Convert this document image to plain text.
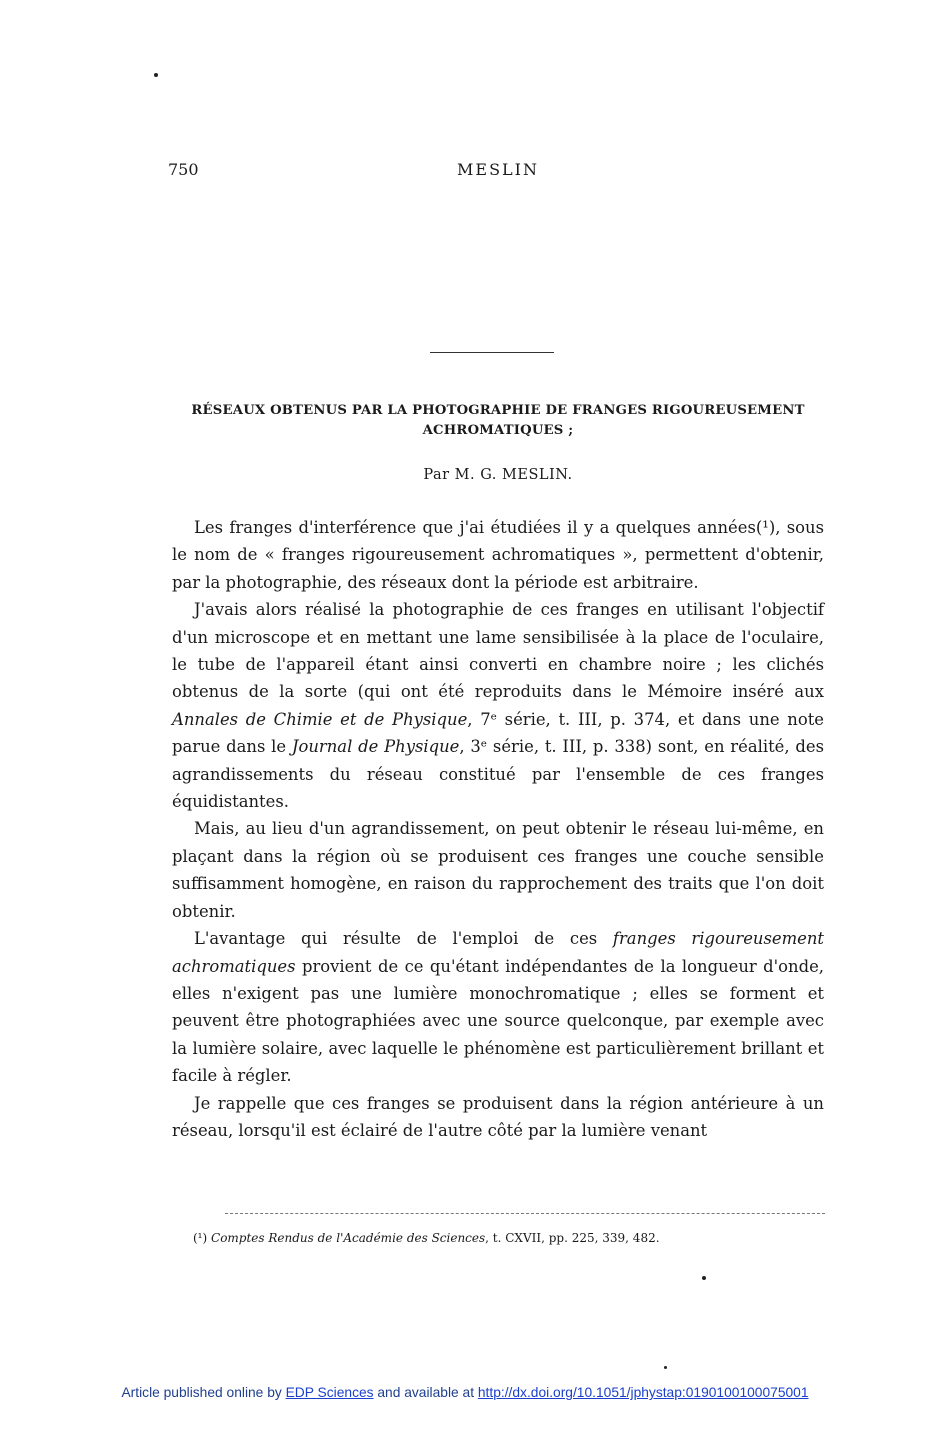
750	MESLIN
RÉSEAUX OBTENUS PAR LA PHOTOGRAPHIE DE FRANGES RIGOUREUSEMENT
ACHROMATIQUES ;
Par M. G. MESLIN.

Les franges d'interférence que j'ai étudiées il y a quelques années(¹), sous le nom de « franges rigoureusement achromatiques », permettent d'obtenir, par la photographie, des réseaux dont la période est arbitraire.

J'avais alors réalisé la photographie de ces franges en utilisant l'objectif d'un microscope et en mettant une lame sensibilisée à la place de l'oculaire, le tube de l'appareil étant ainsi converti en chambre noire ; les clichés obtenus de la sorte (qui ont été reproduits dans le Mémoire inséré aux Annales de Chimie et de Physique, 7ᵉ série, t. III, p. 374, et dans une note parue dans le Journal de Physique, 3ᵉ série, t. III, p. 338) sont, en réalité, des agrandissements du réseau constitué par l'ensemble de ces franges équidistantes.

Mais, au lieu d'un agrandissement, on peut obtenir le réseau lui-même, en plaçant dans la région où se produisent ces franges une couche sensible suffisamment homogène, en raison du rapprochement des traits que l'on doit obtenir.

L'avantage qui résulte de l'emploi de ces franges rigoureusement achromatiques provient de ce qu'étant indépendantes de la longueur d'onde, elles n'exigent pas une lumière monochromatique ; elles se forment et peuvent être photographiées avec une source quelconque, par exemple avec la lumière solaire, avec laquelle le phénomène est particulièrement brillant et facile à régler.

Je rappelle que ces franges se produisent dans la région antérieure à un réseau, lorsqu'il est éclairé de l'autre côté par la lumière venant

(¹) Comptes Rendus de l'Académie des Sciences, t. CXVII, pp. 225, 339, 482.
Article published online by EDP Sciences and available at http://dx.doi.org/10.1051/jphystap:0190100100075001
